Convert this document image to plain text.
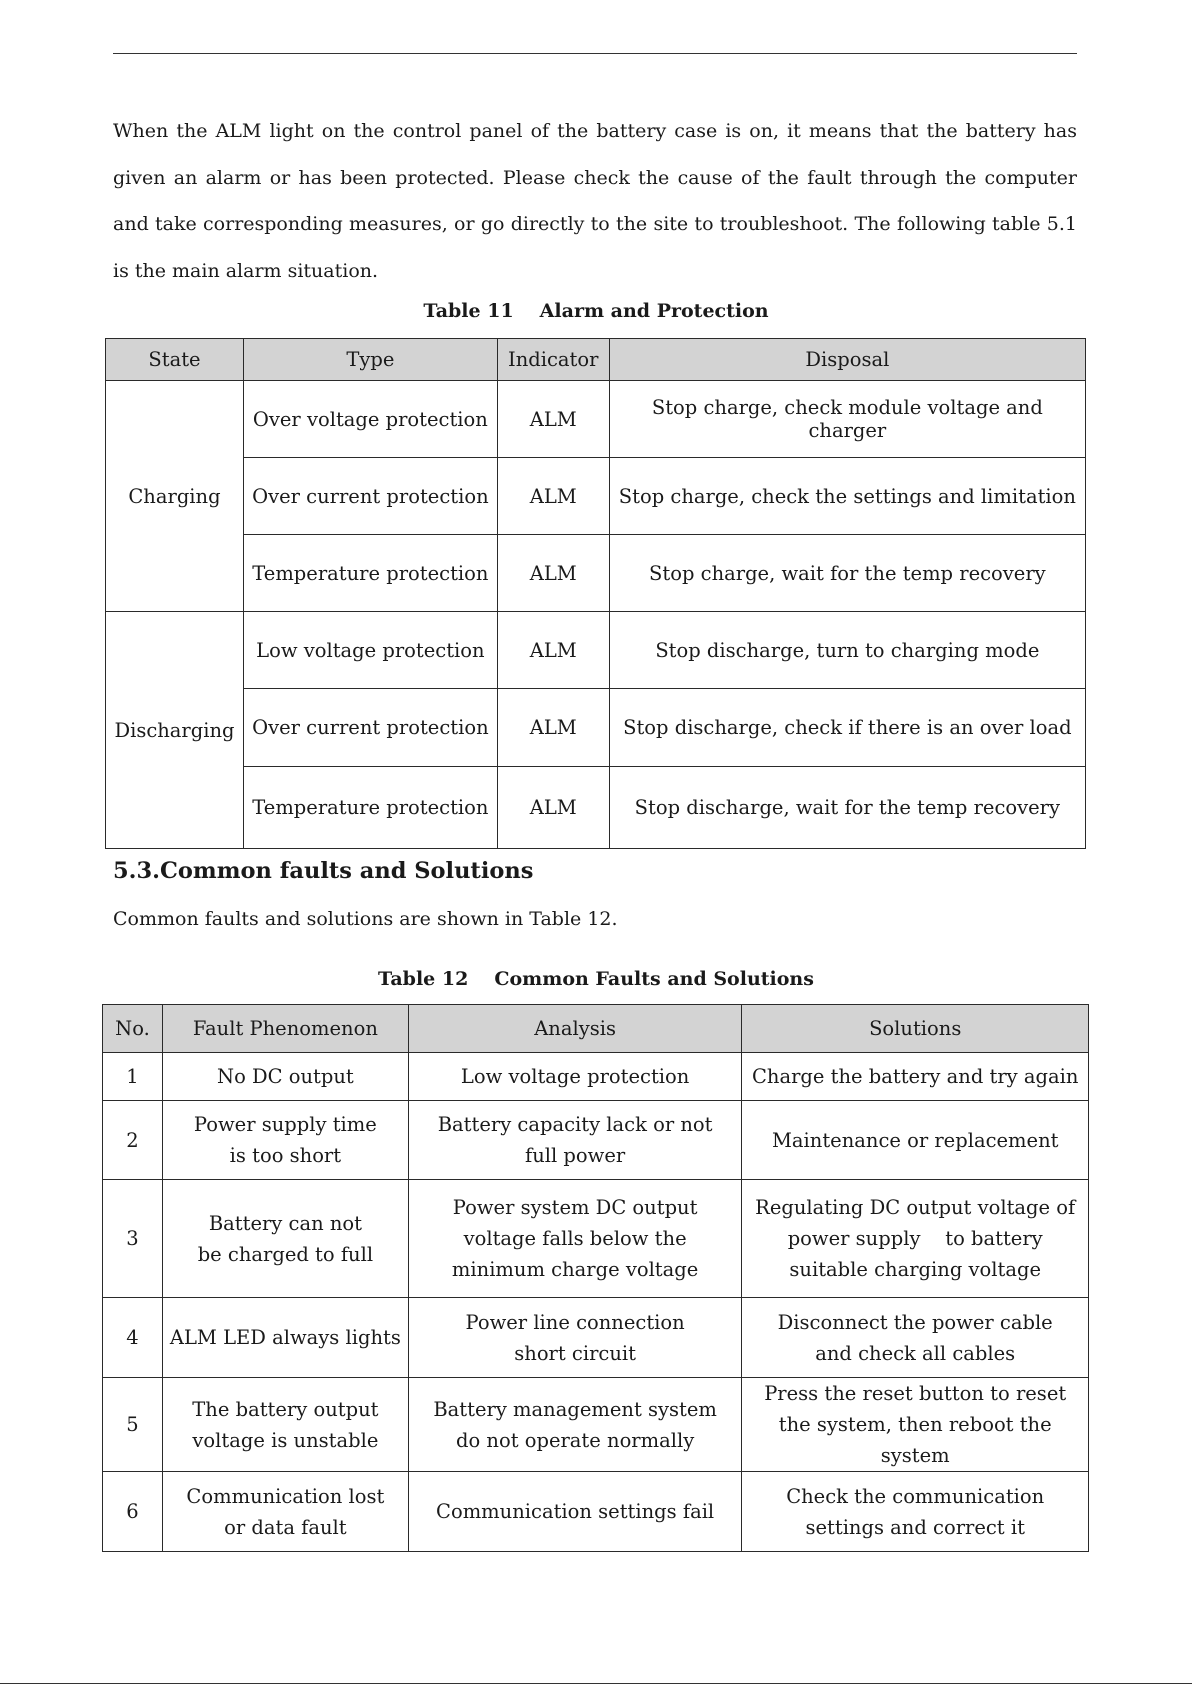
When the ALM light on the control panel of the battery case is on, it means that the battery has given an alarm or has been protected. Please check the cause of the fault through the computer and take corresponding measures, or go directly to the site to troubleshoot. The following table 5.1 is the main alarm situation.

Table 11 Alarm and Protection
State	Type	Indicator	Disposal
Charging	Over voltage protection	ALM	Stop charge, check module voltage and charger
	Over current protection	ALM	Stop charge, check the settings and limitation
	Temperature protection	ALM	Stop charge, wait for the temp recovery
Discharging	Low voltage protection	ALM	Stop discharge, turn to charging mode
	Over current protection	ALM	Stop discharge, check if there is an over load
	Temperature protection	ALM	Stop discharge, wait for the temp recovery
5.3.Common faults and Solutions

Common faults and solutions are shown in Table 12.

Table 12 Common Faults and Solutions
No.	Fault Phenomenon	Analysis	Solutions
1	No DC output	Low voltage protection	Charge the battery and try again
2	Power supply time is too short	Battery capacity lack or not full power	Maintenance or replacement
3	Battery can not be charged to full	Power system DC output voltage falls below the minimum charge voltage	Regulating DC output voltage of power supply    to battery suitable charging voltage
4	ALM LED always lights	Power line connection short circuit	Disconnect the power cable and check all cables
5	The battery output voltage is unstable	Battery management system do not operate normally	Press the reset button to reset the system, then reboot the system
6	Communication lost or data fault	Communication settings fail	Check the communication settings and correct it
